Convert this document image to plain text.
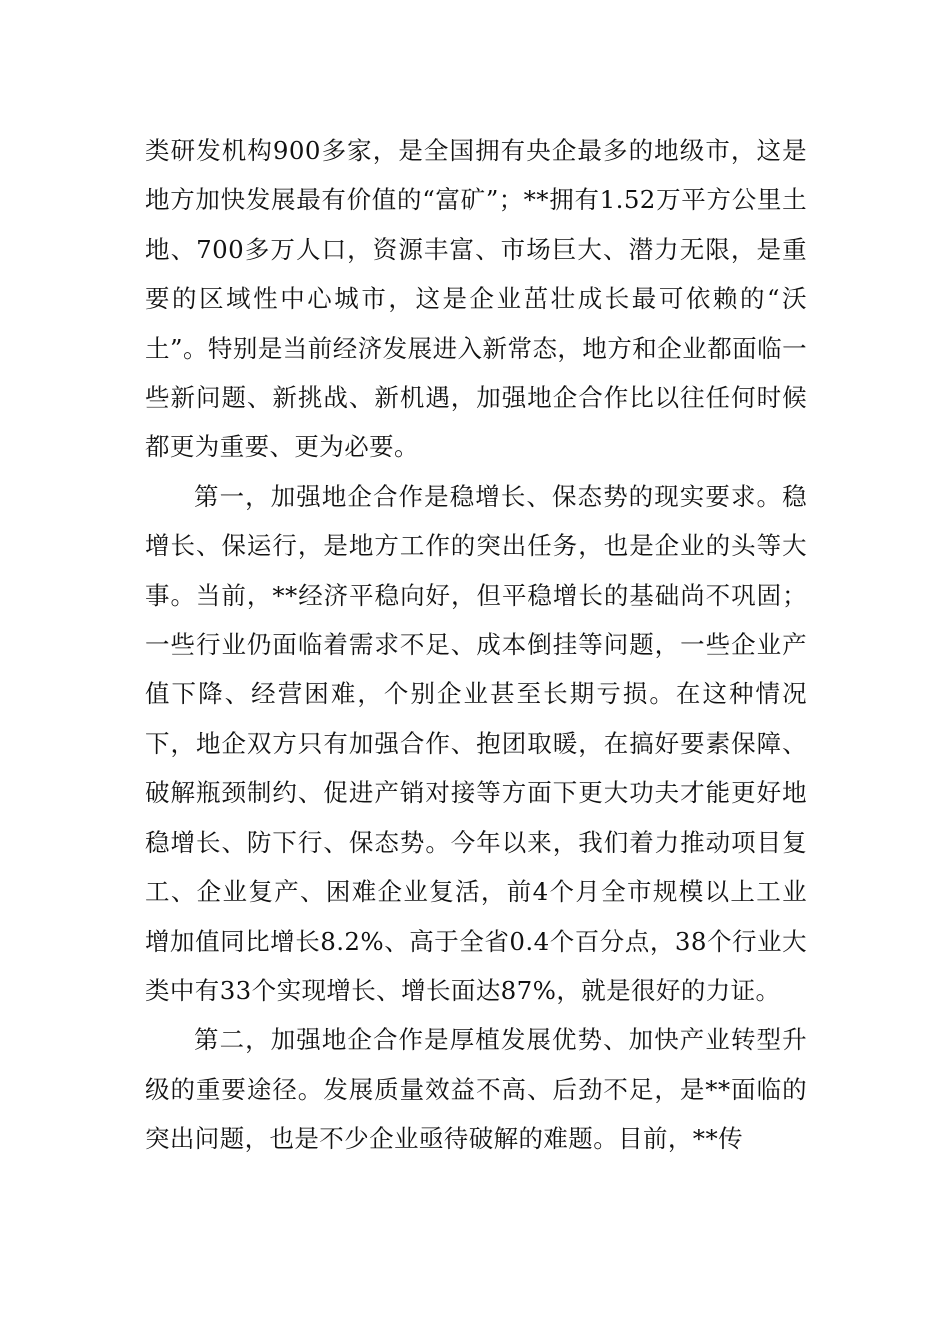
类研发机构900多家，是全国拥有央企最多的地级市，这是地方加快发展最有价值的“富矿”；**拥有1.52万平方公里土地、700多万人口，资源丰富、市场巨大、潜力无限，是重要的区域性中心城市，这是企业茁壮成长最可依赖的“沃土”。特别是当前经济发展进入新常态，地方和企业都面临一些新问题、新挑战、新机遇，加强地企合作比以往任何时候都更为重要、更为必要。

第一，加强地企合作是稳增长、保态势的现实要求。稳增长、保运行，是地方工作的突出任务，也是企业的头等大事。当前，**经济平稳向好，但平稳增长的基础尚不巩固；一些行业仍面临着需求不足、成本倒挂等问题，一些企业产值下降、经营困难，个别企业甚至长期亏损。在这种情况下，地企双方只有加强合作、抱团取暖，在搞好要素保障、破解瓶颈制约、促进产销对接等方面下更大功夫才能更好地稳增长、防下行、保态势。今年以来，我们着力推动项目复工、企业复产、困难企业复活，前4个月全市规模以上工业增加值同比增长8.2%、高于全省0.4个百分点，38个行业大类中有33个实现增长、增长面达87%，就是很好的力证。

第二，加强地企合作是厚植发展优势、加快产业转型升级的重要途径。发展质量效益不高、后劲不足，是**面临的突出问题，也是不少企业亟待破解的难题。目前，**传
